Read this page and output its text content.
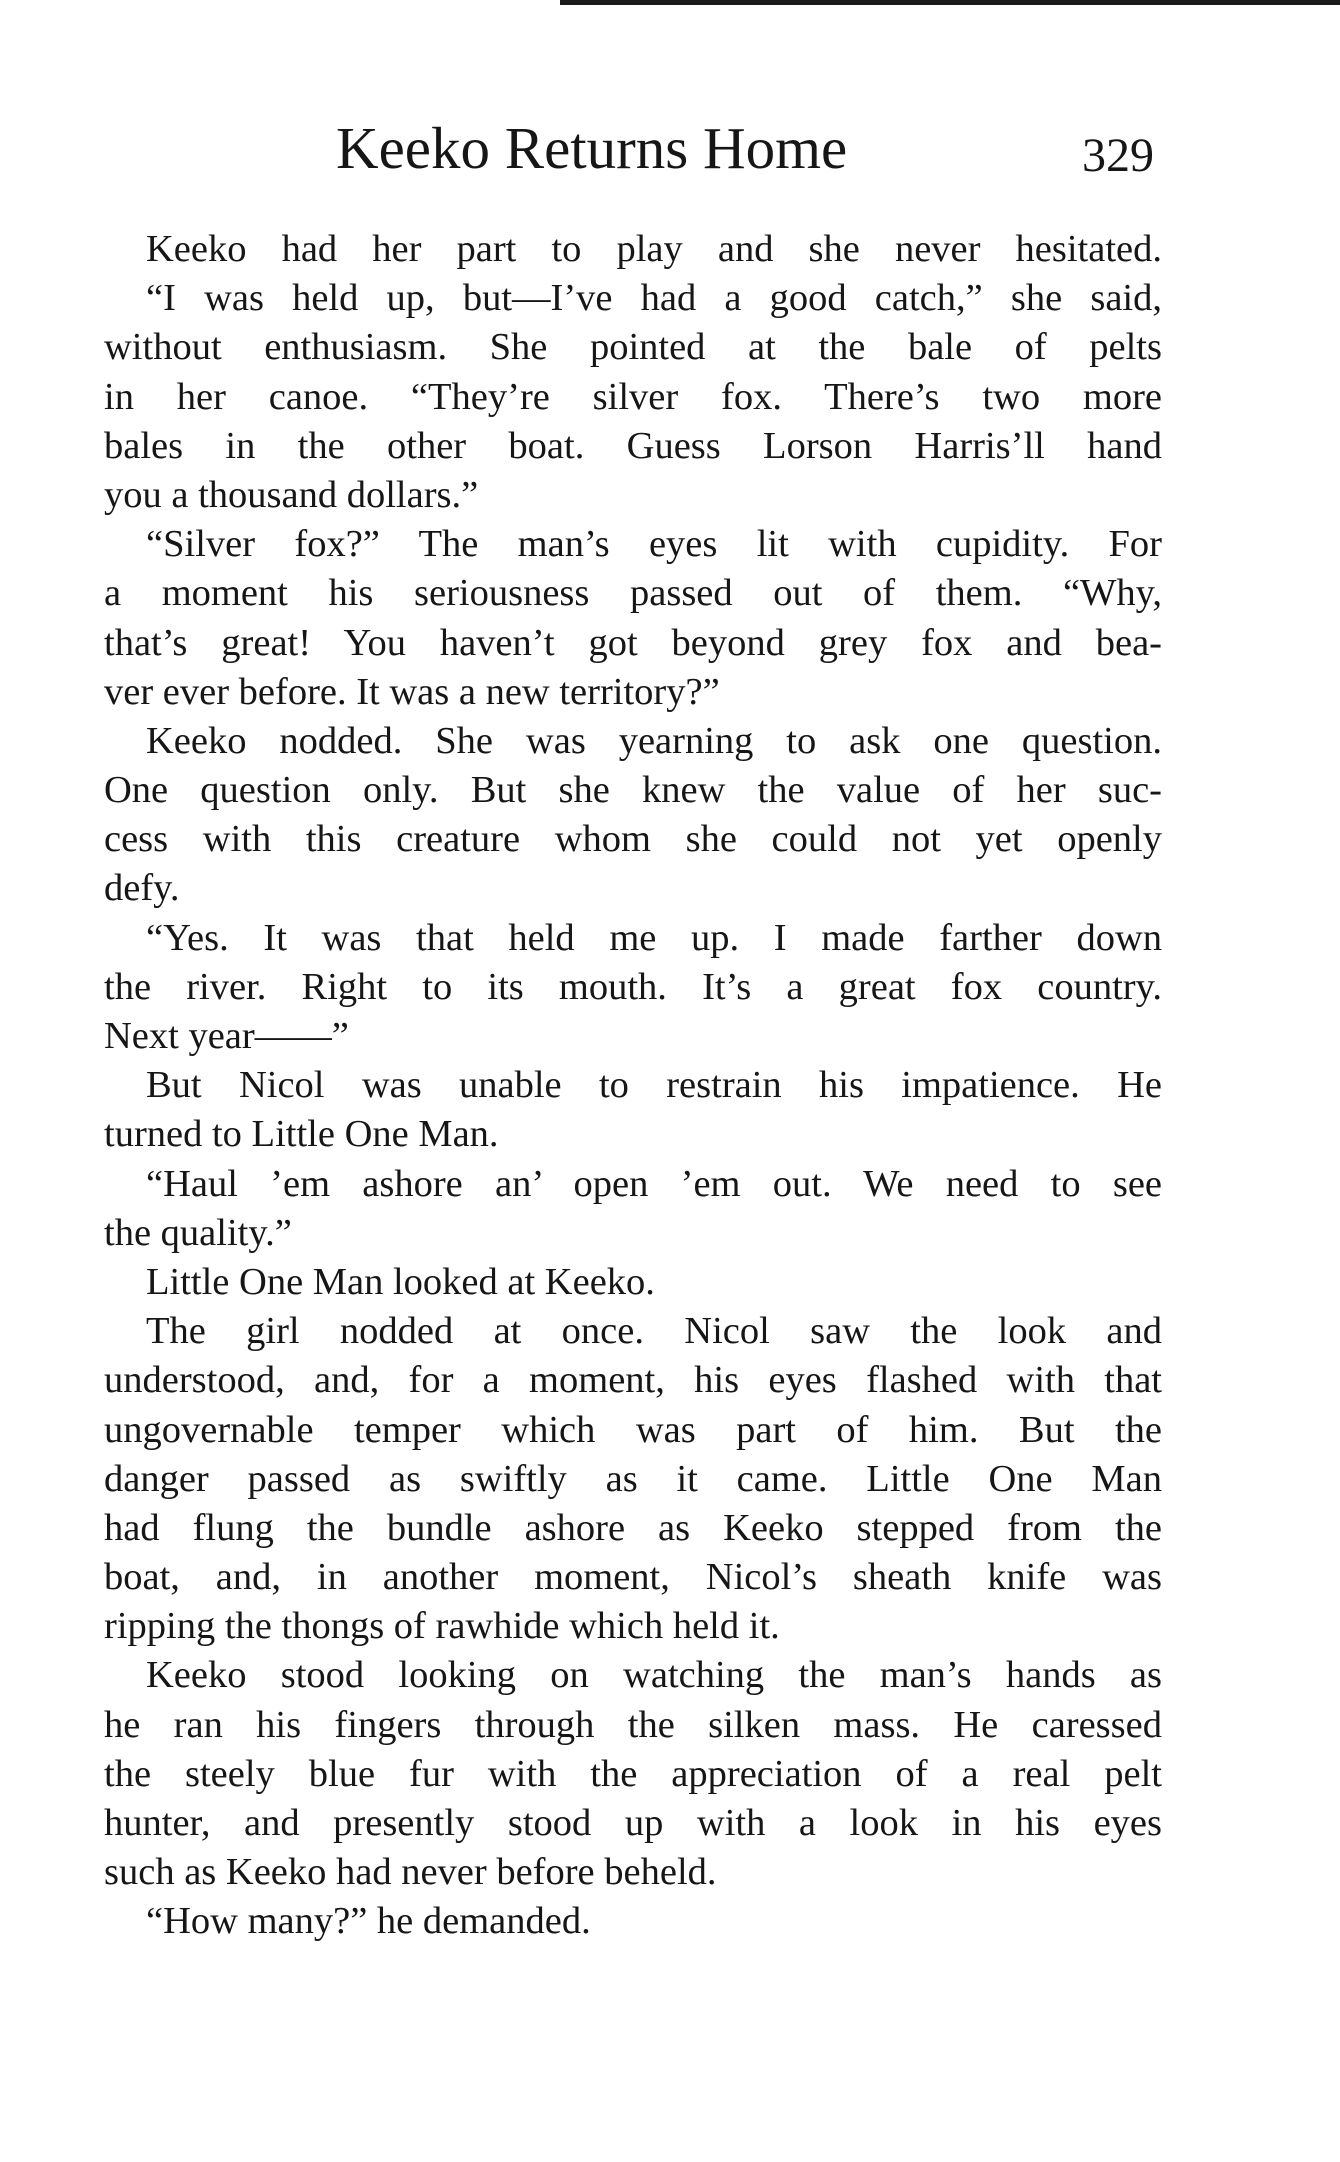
Keeko Returns Home	329
Keeko had her part to play and she never hesitated.
“I was held up, but—I’ve had a good catch,” she said,
without enthusiasm. She pointed at the bale of pelts
in her canoe. “They’re silver fox. There’s two more
bales in the other boat. Guess Lorson Harris’ll hand
you a thousand dollars.”
“Silver fox?” The man’s eyes lit with cupidity. For
a moment his seriousness passed out of them. “Why,
that’s great! You haven’t got beyond grey fox and bea-
ver ever before. It was a new territory?”
Keeko nodded. She was yearning to ask one question.
One question only. But she knew the value of her suc-
cess with this creature whom she could not yet openly
defy.
“Yes. It was that held me up. I made farther down
the river. Right to its mouth. It’s a great fox country.
Next year——”
But Nicol was unable to restrain his impatience. He
turned to Little One Man.
“Haul ’em ashore an’ open ’em out. We need to see
the quality.”
Little One Man looked at Keeko.
The girl nodded at once. Nicol saw the look and
understood, and, for a moment, his eyes flashed with that
ungovernable temper which was part of him. But the
danger passed as swiftly as it came. Little One Man
had flung the bundle ashore as Keeko stepped from the
boat, and, in another moment, Nicol’s sheath knife was
ripping the thongs of rawhide which held it.
Keeko stood looking on watching the man’s hands as
he ran his fingers through the silken mass. He caressed
the steely blue fur with the appreciation of a real pelt
hunter, and presently stood up with a look in his eyes
such as Keeko had never before beheld.
“How many?” he demanded.
